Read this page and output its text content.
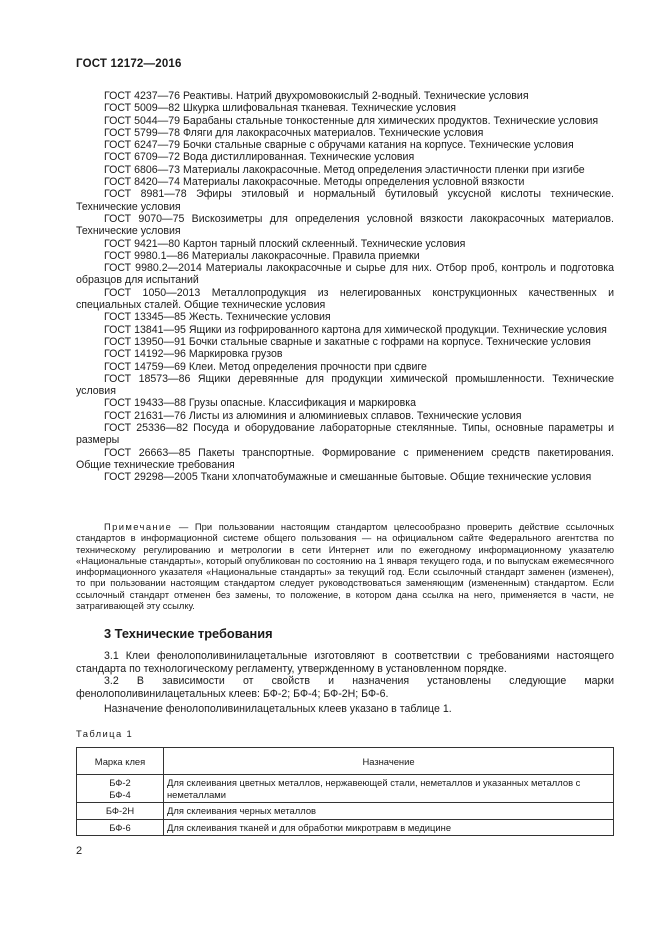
ГОСТ 12172—2016

ГОСТ 4237—76 Реактивы. Натрий двухромовокислый 2-водный. Технические условия

ГОСТ 5009—82 Шкурка шлифовальная тканевая. Технические условия

ГОСТ 5044—79 Барабаны стальные тонкостенные для химических продуктов. Технические условия

ГОСТ 5799—78 Фляги для лакокрасочных материалов. Технические условия

ГОСТ 6247—79 Бочки стальные сварные с обручами катания на корпусе. Технические условия

ГОСТ 6709—72 Вода дистиллированная. Технические условия

ГОСТ 6806—73 Материалы лакокрасочные. Метод определения эластичности пленки при изгибе

ГОСТ 8420—74 Материалы лакокрасочные. Методы определения условной вязкости

ГОСТ 8981—78 Эфиры этиловый и нормальный бутиловый уксусной кислоты технические. Технические условия

ГОСТ 9070—75 Вискозиметры для определения условной вязкости лакокрасочных материалов. Технические условия

ГОСТ 9421—80 Картон тарный плоский склеенный. Технические условия

ГОСТ 9980.1—86 Материалы лакокрасочные. Правила приемки

ГОСТ 9980.2—2014 Материалы лакокрасочные и сырье для них. Отбор проб, контроль и подготовка образцов для испытаний

ГОСТ 1050—2013 Металлопродукция из нелегированных конструкционных качественных и специальных сталей. Общие технические условия

ГОСТ 13345—85 Жесть. Технические условия

ГОСТ 13841—95 Ящики из гофрированного картона для химической продукции. Технические условия

ГОСТ 13950—91 Бочки стальные сварные и закатные с гофрами на корпусе. Технические условия

ГОСТ 14192—96 Маркировка грузов

ГОСТ 14759—69 Клеи. Метод определения прочности при сдвиге

ГОСТ 18573—86 Ящики деревянные для продукции химической промышленности. Технические условия

ГОСТ 19433—88 Грузы опасные. Классификация и маркировка

ГОСТ 21631—76 Листы из алюминия и алюминиевых сплавов. Технические условия

ГОСТ 25336—82 Посуда и оборудование лабораторные стеклянные. Типы, основные параметры и размеры

ГОСТ 26663—85 Пакеты транспортные. Формирование с применением средств пакетирования. Общие технические требования

ГОСТ 29298—2005 Ткани хлопчатобумажные и смешанные бытовые. Общие технические условия

Примечание — При пользовании настоящим стандартом целесообразно проверить действие ссылочных стандартов в информационной системе общего пользования — на официальном сайте Федерального агентства по техническому регулированию и метрологии в сети Интернет или по ежегодному информационному указателю «Национальные стандарты», который опубликован по состоянию на 1 января текущего года, и по выпускам ежемесячного информационного указателя «Национальные стандарты» за текущий год. Если ссылочный стандарт заменен (изменен), то при пользовании настоящим стандартом следует руководствоваться заменяющим (измененным) стандартом. Если ссылочный стандарт отменен без замены, то положение, в котором дана ссылка на него, применяется в части, не затрагивающей эту ссылку.

3 Технические требования

3.1 Клеи фенолополивинилацетальные изготовляют в соответствии с требованиями настоящего стандарта по технологическому регламенту, утвержденному в установленном порядке.

3.2 В зависимости от свойств и назначения установлены следующие марки фенолополивинилацетальных клеев: БФ-2; БФ-4; БФ-2Н; БФ-6.

Назначение фенолополивинилацетальных клеев указано в таблице 1.

Таблица 1
Марка клея	Назначение
БФ-2
БФ-4	Для склеивания цветных металлов, нержавеющей стали, неметаллов и указанных металлов с неметаллами
БФ-2Н	Для склеивания черных металлов
БФ-6	Для склеивания тканей и для обработки микротравм в медицине
2
